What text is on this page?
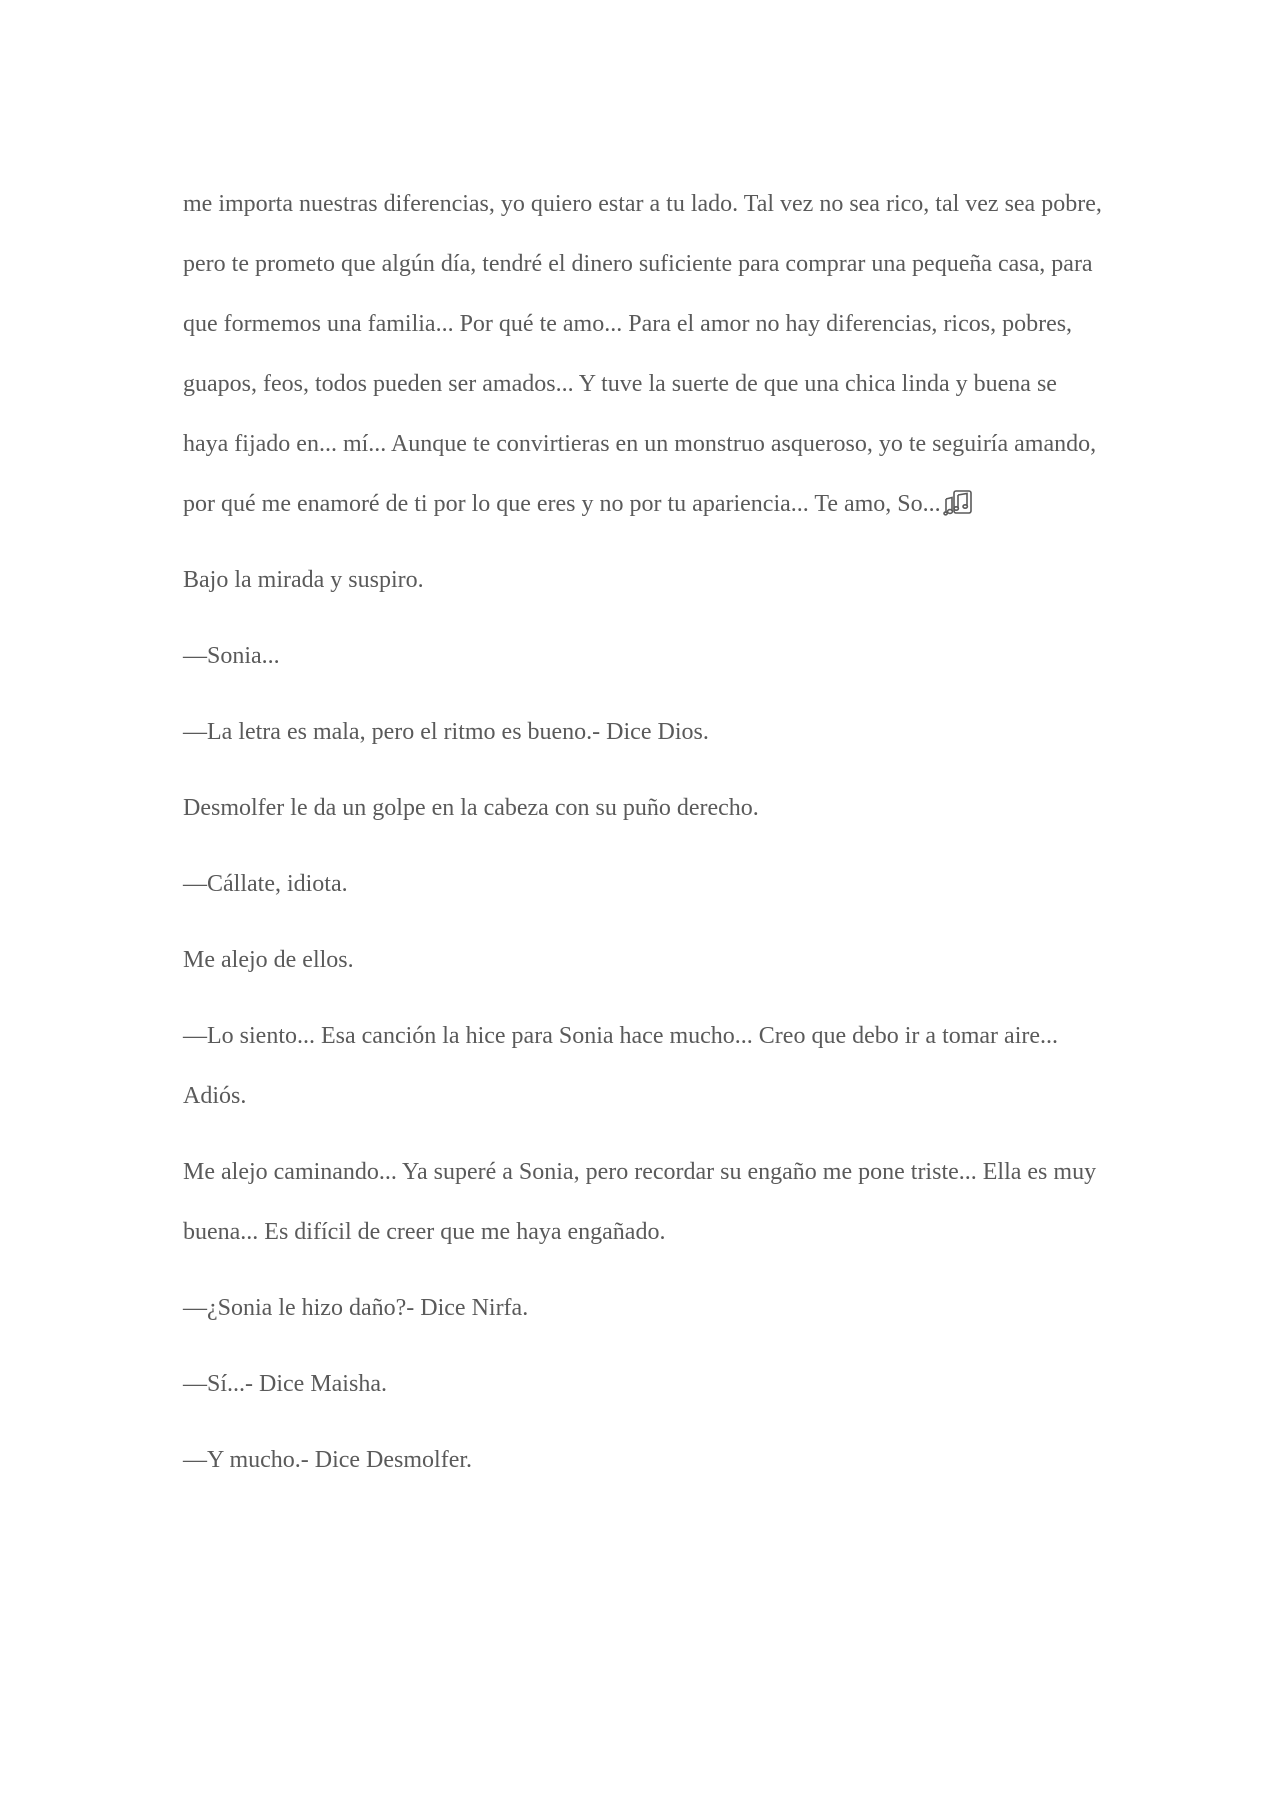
me importa nuestras diferencias, yo quiero estar a tu lado. Tal vez no sea rico, tal vez sea pobre, pero te prometo que algún día, tendré el dinero suficiente para comprar una pequeña casa, para que formemos una familia... Por qué te amo... Para el amor no hay diferencias, ricos, pobres, guapos, feos, todos pueden ser amados... Y tuve la suerte de que una chica linda y buena se haya fijado en... mí... Aunque te convirtieras en un monstruo asqueroso, yo te seguiría amando, por qué me enamoré de ti por lo que eres y no por tu apariencia... Te amo, So...

Bajo la mirada y suspiro.

—Sonia...

—La letra es mala, pero el ritmo es bueno.- Dice Dios.

Desmolfer le da un golpe en la cabeza con su puño derecho.

—Cállate, idiota.

Me alejo de ellos.

—Lo siento... Esa canción la hice para Sonia hace mucho... Creo que debo ir a tomar aire... Adiós.

Me alejo caminando... Ya superé a Sonia, pero recordar su engaño me pone triste... Ella es muy buena... Es difícil de creer que me haya engañado.

—¿Sonia le hizo daño?- Dice Nirfa.

—Sí...- Dice Maisha.

—Y mucho.- Dice Desmolfer.
